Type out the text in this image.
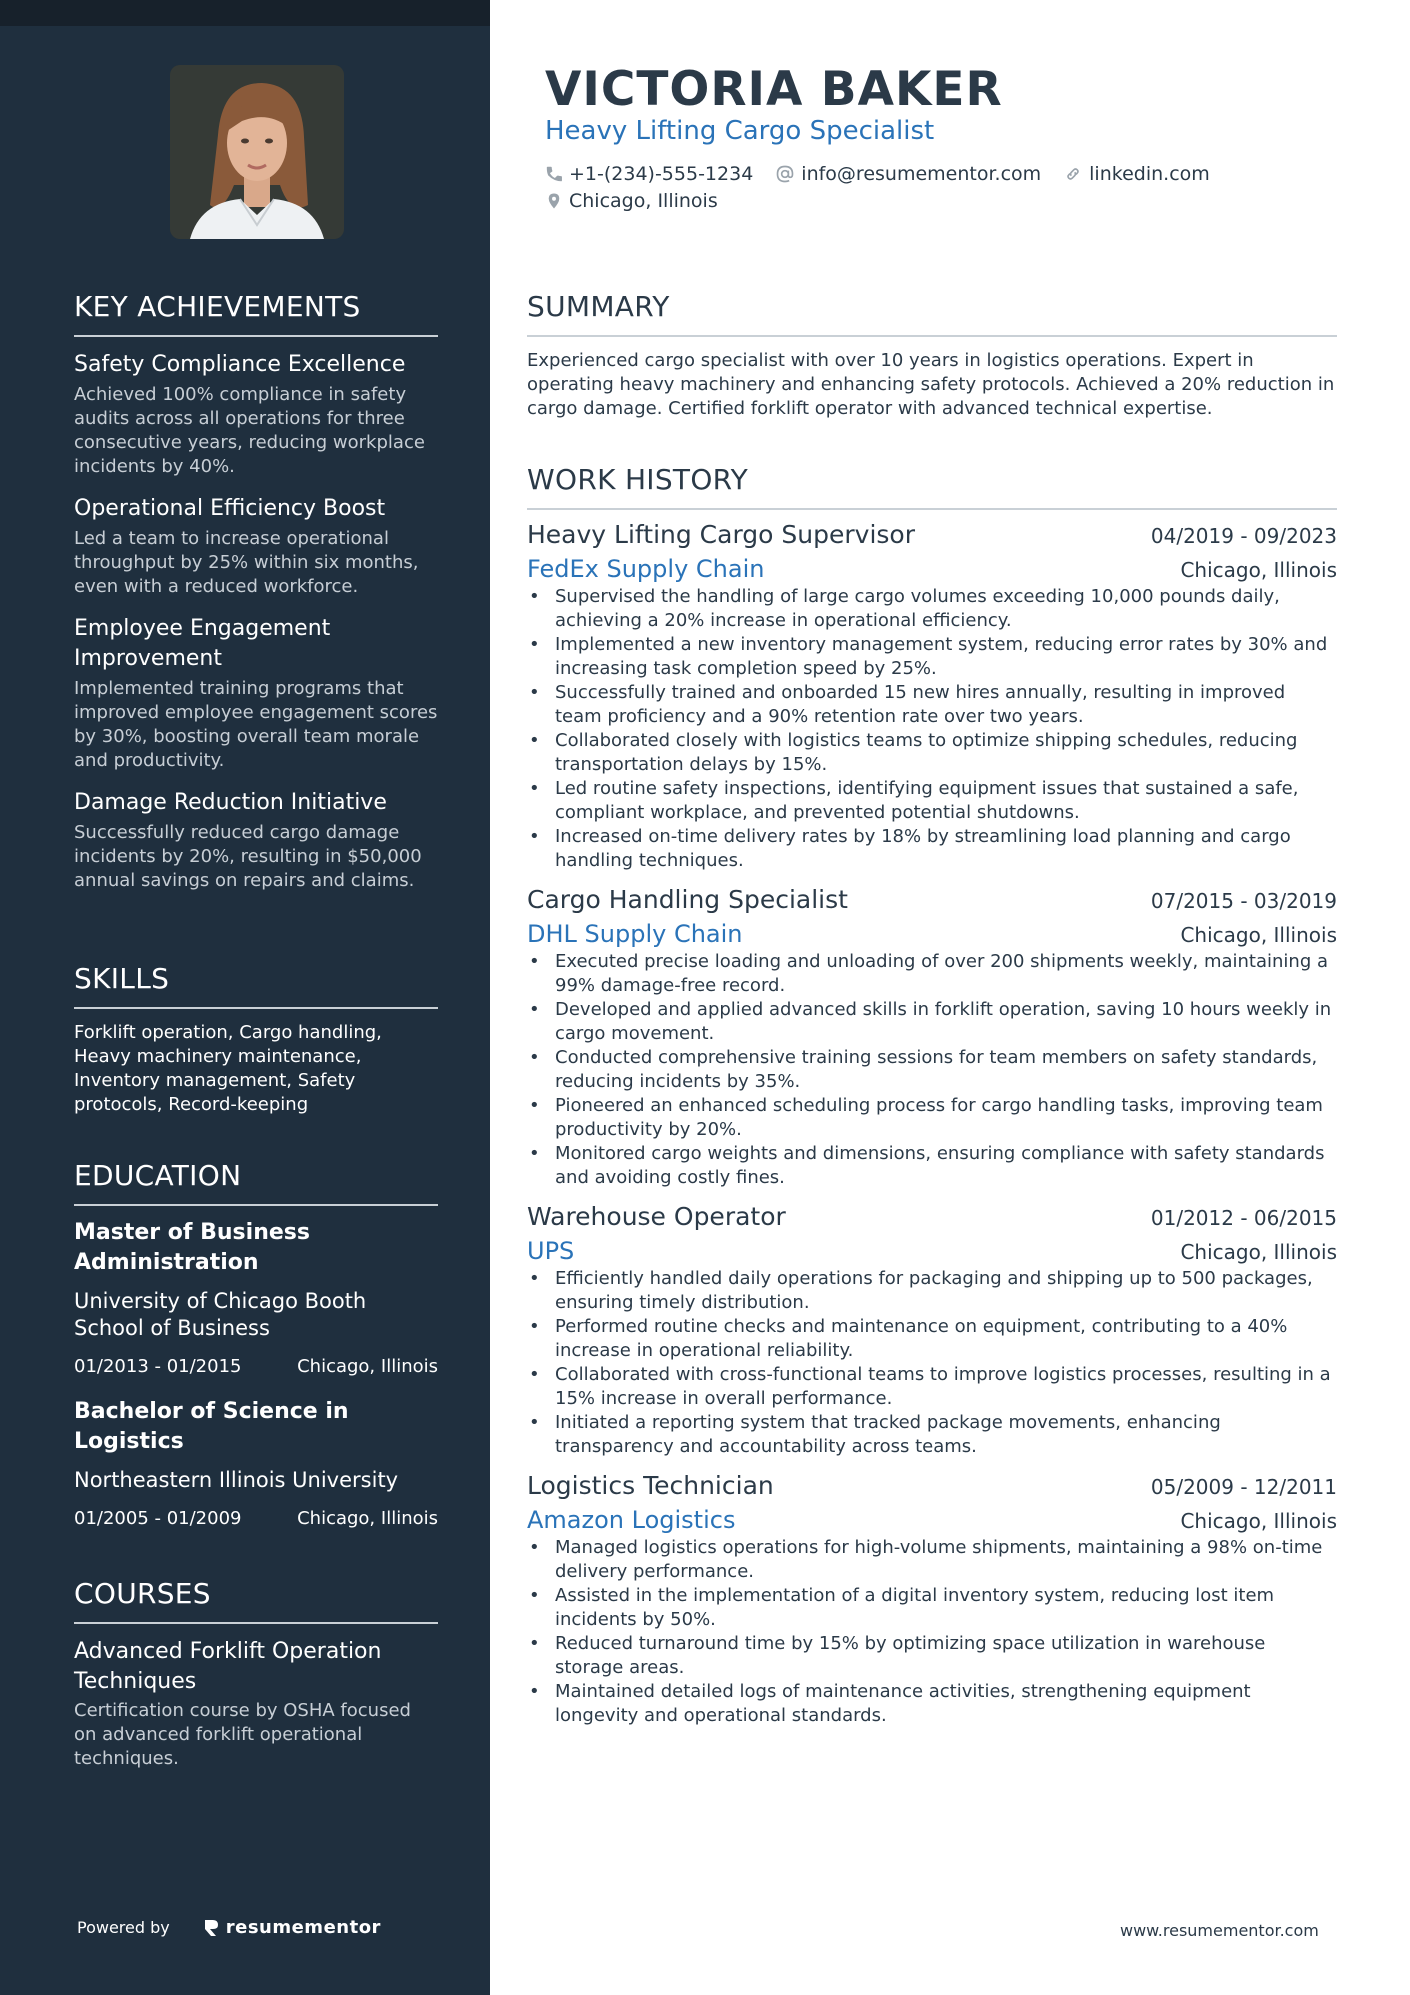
KEY ACHIEVEMENTS
Safety Compliance Excellence
Achieved 100% compliance in safety audits across all operations for three consecutive years, reducing workplace incidents by 40%.
Operational Efficiency Boost
Led a team to increase operational throughput by 25% within six months, even with a reduced workforce.
Employee Engagement Improvement
Implemented training programs that improved employee engagement scores by 30%, boosting overall team morale and productivity.
Damage Reduction Initiative
Successfully reduced cargo damage incidents by 20%, resulting in $50,000 annual savings on repairs and claims.
SKILLS
Forklift operation, Cargo handling, Heavy machinery maintenance, Inventory management, Safety protocols, Record-keeping
EDUCATION
Master of Business Administration
University of Chicago Booth School of Business
01/2013 - 01/2015	Chicago, Illinois
Bachelor of Science in Logistics
Northeastern Illinois University
01/2005 - 01/2009	Chicago, Illinois
COURSES
Advanced Forklift Operation Techniques
Certification course by OSHA focused on advanced forklift operational techniques.
Powered by	resumementor
VICTORIA BAKER
Heavy Lifting Cargo Specialist
+1-(234)-555-1234	info@resumementor.com	linkedin.com
Chicago, Illinois
SUMMARY
Experienced cargo specialist with over 10 years in logistics operations. Expert in operating heavy machinery and enhancing safety protocols. Achieved a 20% reduction in cargo damage. Certified forklift operator with advanced technical expertise.
WORK HISTORY
Heavy Lifting Cargo Supervisor	04/2019 - 09/2023
FedEx Supply Chain	Chicago, Illinois
• Supervised the handling of large cargo volumes exceeding 10,000 pounds daily, achieving a 20% increase in operational efficiency.
• Implemented a new inventory management system, reducing error rates by 30% and increasing task completion speed by 25%.
• Successfully trained and onboarded 15 new hires annually, resulting in improved team proficiency and a 90% retention rate over two years.
• Collaborated closely with logistics teams to optimize shipping schedules, reducing transportation delays by 15%.
• Led routine safety inspections, identifying equipment issues that sustained a safe, compliant workplace, and prevented potential shutdowns.
• Increased on-time delivery rates by 18% by streamlining load planning and cargo handling techniques.
Cargo Handling Specialist	07/2015 - 03/2019
DHL Supply Chain	Chicago, Illinois
• Executed precise loading and unloading of over 200 shipments weekly, maintaining a 99% damage-free record.
• Developed and applied advanced skills in forklift operation, saving 10 hours weekly in cargo movement.
• Conducted comprehensive training sessions for team members on safety standards, reducing incidents by 35%.
• Pioneered an enhanced scheduling process for cargo handling tasks, improving team productivity by 20%.
• Monitored cargo weights and dimensions, ensuring compliance with safety standards and avoiding costly fines.
Warehouse Operator	01/2012 - 06/2015
UPS	Chicago, Illinois
• Efficiently handled daily operations for packaging and shipping up to 500 packages, ensuring timely distribution.
• Performed routine checks and maintenance on equipment, contributing to a 40% increase in operational reliability.
• Collaborated with cross-functional teams to improve logistics processes, resulting in a 15% increase in overall performance.
• Initiated a reporting system that tracked package movements, enhancing transparency and accountability across teams.
Logistics Technician	05/2009 - 12/2011
Amazon Logistics	Chicago, Illinois
• Managed logistics operations for high-volume shipments, maintaining a 98% on-time delivery performance.
• Assisted in the implementation of a digital inventory system, reducing lost item incidents by 50%.
• Reduced turnaround time by 15% by optimizing space utilization in warehouse storage areas.
• Maintained detailed logs of maintenance activities, strengthening equipment longevity and operational standards.
www.resumementor.com
